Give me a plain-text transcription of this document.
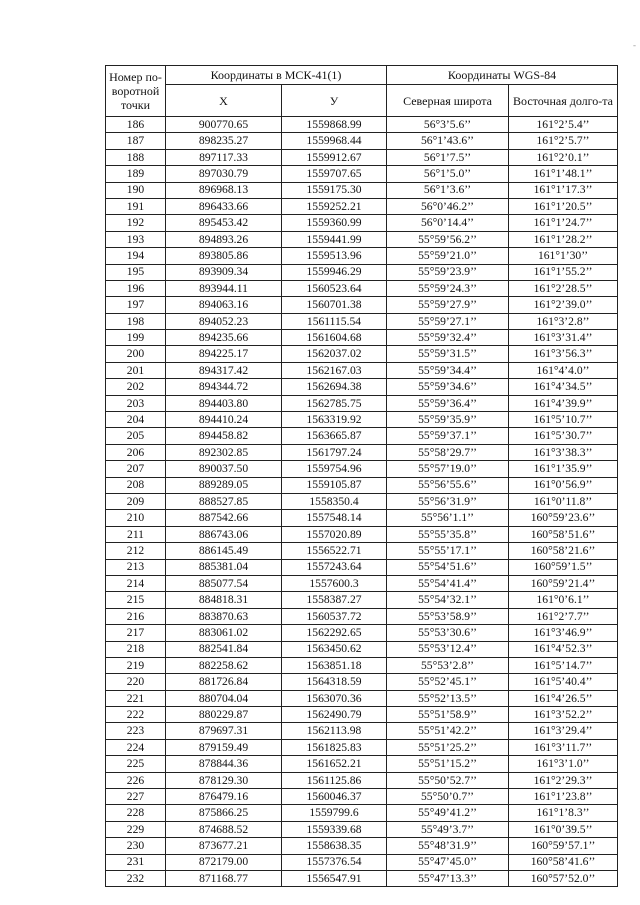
-
Номер по-воротной точки	Координаты в МСК-41(1)		Координаты WGS-84	
	X	У	Северная широта	Восточная долго-та
186	900770.65	1559868.99	56°3’5.6’’	161°2’5.4’’
187	898235.27	1559968.44	56°1’43.6’’	161°2’5.7’’
188	897117.33	1559912.67	56°1’7.5’’	161°2’0.1’’
189	897030.79	1559707.65	56°1’5.0’’	161°1’48.1’’
190	896968.13	1559175.30	56°1’3.6’’	161°1’17.3’’
191	896433.66	1559252.21	56°0’46.2’’	161°1’20.5’’
192	895453.42	1559360.99	56°0’14.4’’	161°1’24.7’’
193	894893.26	1559441.99	55°59’56.2’’	161°1’28.2’’
194	893805.86	1559513.96	55°59’21.0’’	161°1’30’’
195	893909.34	1559946.29	55°59’23.9’’	161°1’55.2’’
196	893944.11	1560523.64	55°59’24.3’’	161°2’28.5’’
197	894063.16	1560701.38	55°59’27.9’’	161°2’39.0’’
198	894052.23	1561115.54	55°59’27.1’’	161°3’2.8’’
199	894235.66	1561604.68	55°59’32.4’’	161°3’31.4’’
200	894225.17	1562037.02	55°59’31.5’’	161°3’56.3’’
201	894317.42	1562167.03	55°59’34.4’’	161°4’4.0’’
202	894344.72	1562694.38	55°59’34.6’’	161°4’34.5’’
203	894403.80	1562785.75	55°59’36.4’’	161°4’39.9’’
204	894410.24	1563319.92	55°59’35.9’’	161°5’10.7’’
205	894458.82	1563665.87	55°59’37.1’’	161°5’30.7’’
206	892302.85	1561797.24	55°58’29.7’’	161°3’38.3’’
207	890037.50	1559754.96	55°57’19.0’’	161°1’35.9’’
208	889289.05	1559105.87	55°56’55.6’’	161°0’56.9’’
209	888527.85	1558350.4	55°56’31.9’’	161°0’11.8’’
210	887542.66	1557548.14	55°56’1.1’’	160°59’23.6’’
211	886743.06	1557020.89	55°55’35.8’’	160°58’51.6’’
212	886145.49	1556522.71	55°55’17.1’’	160°58’21.6’’
213	885381.04	1557243.64	55°54’51.6’’	160°59’1.5’’
214	885077.54	1557600.3	55°54’41.4’’	160°59’21.4’’
215	884818.31	1558387.27	55°54’32.1’’	161°0’6.1’’
216	883870.63	1560537.72	55°53’58.9’’	161°2’7.7’’
217	883061.02	1562292.65	55°53’30.6’’	161°3’46.9’’
218	882541.84	1563450.62	55°53’12.4’’	161°4’52.3’’
219	882258.62	1563851.18	55°53’2.8’’	161°5’14.7’’
220	881726.84	1564318.59	55°52’45.1’’	161°5’40.4’’
221	880704.04	1563070.36	55°52’13.5’’	161°4’26.5’’
222	880229.87	1562490.79	55°51’58.9’’	161°3’52.2’’
223	879697.31	1562113.98	55°51’42.2’’	161°3’29.4’’
224	879159.49	1561825.83	55°51’25.2’’	161°3’11.7’’
225	878844.36	1561652.21	55°51’15.2’’	161°3’1.0’’
226	878129.30	1561125.86	55°50’52.7’’	161°2’29.3’’
227	876479.16	1560046.37	55°50’0.7’’	161°1’23.8’’
228	875866.25	1559799.6	55°49’41.2’’	161°1’8.3’’
229	874688.52	1559339.68	55°49’3.7’’	161°0’39.5’’
230	873677.21	1558638.35	55°48’31.9’’	160°59’57.1’’
231	872179.00	1557376.54	55°47’45.0’’	160°58’41.6’’
232	871168.77	1556547.91	55°47’13.3’’	160°57’52.0’’
